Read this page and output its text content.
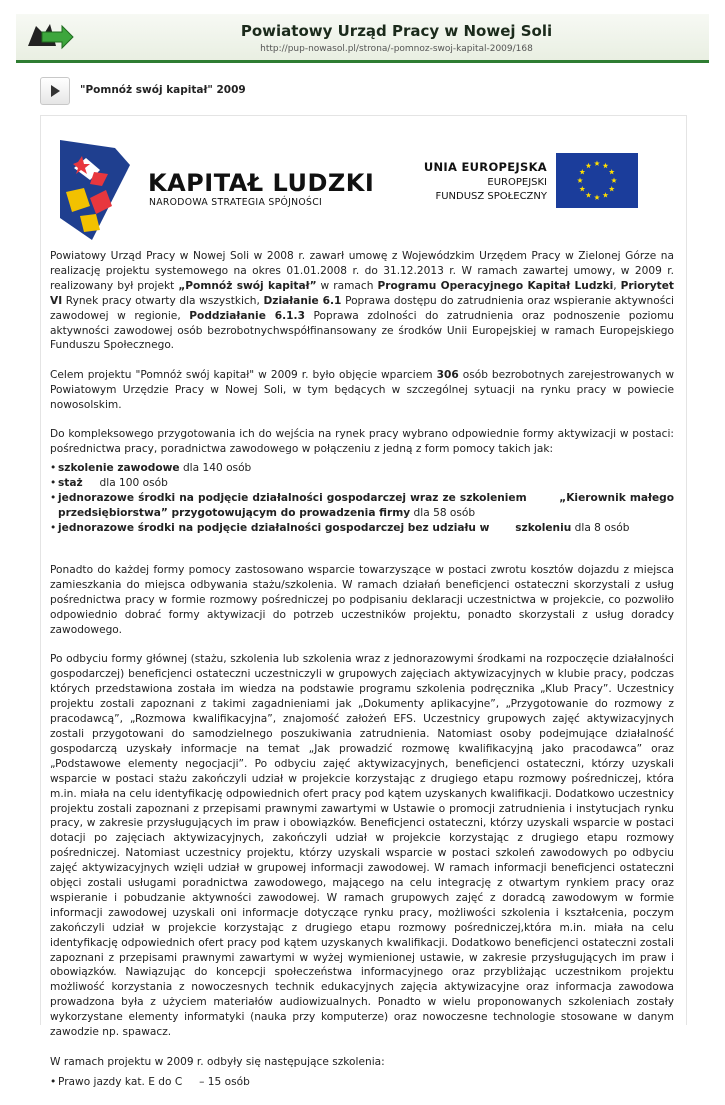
Powiatowy Urząd Pracy w Nowej Soli
http://pup-nowasol.pl/strona/-pomnoz-swoj-kapital-2009/168
"Pomnóż swój kapitał" 2009
KAPITAŁ LUDZKI
NARODOWA STRATEGIA SPÓJNOŚCI
UNIA EUROPEJSKA
EUROPEJSKI
FUNDUSZ SPOŁECZNY

Powiatowy Urząd Pracy w Nowej Soli w 2008 r. zawarł umowę z Wojewódzkim Urzędem Pracy w Zielonej Górze na realizację projektu systemowego na okres 01.01.2008 r. do 31.12.2013 r. W ramach zawartej umowy, w 2009 r. realizowany był projekt „Pomnóż swój kapitał” w ramach Programu Operacyjnego Kapitał Ludzki, Priorytet VI Rynek pracy otwarty dla wszystkich, Działanie 6.1 Poprawa dostępu do zatrudnienia oraz wspieranie aktywności zawodowej w regionie, Poddziałanie 6.1.3 Poprawa zdolności do zatrudnienia oraz podnoszenie poziomu aktywności zawodowej osób bezrobotnychwspółfinansowany ze środków Unii Europejskiej w ramach Europejskiego Funduszu Społecznego.

Celem projektu "Pomnóż swój kapitał" w 2009 r. było objęcie wparciem 306 osób bezrobotnych zarejestrowanych w Powiatowym Urzędzie Pracy w Nowej Soli, w tym będących w szczególnej sytuacji na rynku pracy w powiecie nowosolskim.

Do kompleksowego przygotowania ich do wejścia na rynek pracy wybrano odpowiednie formy aktywizacji w postaci: pośrednictwa pracy, poradnictwa zawodowego w połączeniu z jedną z form pomocy takich jak:

• szkolenie zawodowe dla 140 osób
• staż     dla 100 osób
• jednorazowe środki na podjęcie działalności gospodarczej wraz ze szkoleniem        „Kierownik małego przedsiębiorstwa” przygotowującym do prowadzenia firmy dla 58 osób
• jednorazowe środki na podjęcie działalności gospodarczej bez udziału w       szkoleniu dla 8 osób

Ponadto do każdej formy pomocy zastosowano wsparcie towarzyszące w postaci zwrotu kosztów dojazdu z miejsca zamieszkania do miejsca odbywania stażu/szkolenia. W ramach działań beneficjenci ostateczni skorzystali z usług pośrednictwa pracy w formie rozmowy pośredniczej po podpisaniu deklaracji uczestnictwa w projekcie, co pozwoliło odpowiednio dobrać formy aktywizacji do potrzeb uczestników projektu, ponadto skorzystali z usług doradcy zawodowego.

Po odbyciu formy głównej (stażu, szkolenia lub szkolenia wraz z jednorazowymi środkami na rozpoczęcie działalności gospodarczej) beneficjenci ostateczni uczestniczyli w grupowych zajęciach aktywizacyjnych w klubie pracy, podczas których przedstawiona została im wiedza na podstawie programu szkolenia podręcznika „Klub Pracy”. Uczestnicy projektu zostali zapoznani z takimi zagadnieniami jak „Dokumenty aplikacyjne”, „Przygotowanie do rozmowy z pracodawcą”, „Rozmowa kwalifikacyjna”, znajomość założeń EFS. Uczestnicy grupowych zajęć aktywizacyjnych zostali przygotowani do samodzielnego poszukiwania zatrudnienia. Natomiast osoby podejmujące działalność gospodarczą uzyskały informacje na temat „Jak prowadzić rozmowę kwalifikacyjną jako pracodawca” oraz „Podstawowe elementy negocjacji”. Po odbyciu zajęć aktywizacyjnych, beneficjenci ostateczni, którzy uzyskali wsparcie w postaci stażu zakończyli udział w projekcie korzystając z drugiego etapu rozmowy pośredniczej, która m.in. miała na celu identyfikację odpowiednich ofert pracy pod kątem uzyskanych kwalifikacji. Dodatkowo uczestnicy projektu zostali zapoznani z przepisami prawnymi zawartymi w Ustawie o promocji zatrudnienia i instytucjach rynku pracy, w zakresie przysługujących im praw i obowiązków. Beneficjenci ostateczni, którzy uzyskali wsparcie w postaci dotacji po zajęciach aktywizacyjnych, zakończyli udział w projekcie korzystając z drugiego etapu rozmowy pośredniczej. Natomiast uczestnicy projektu, którzy uzyskali wsparcie w postaci szkoleń zawodowych po odbyciu zajęć aktywizacyjnych wzięli udział w grupowej informacji zawodowej. W ramach informacji beneficjenci ostateczni objęci zostali usługami poradnictwa zawodowego, mającego na celu integrację z otwartym rynkiem pracy oraz wspieranie i pobudzanie aktywności zawodowej. W ramach grupowych zajęć z doradcą zawodowym w formie informacji zawodowej uzyskali oni informacje dotyczące rynku pracy, możliwości szkolenia i kształcenia, poczym zakończyli udział w projekcie korzystając z drugiego etapu rozmowy pośredniczej,która m.in. miała na celu identyfikację odpowiednich ofert pracy pod kątem uzyskanych kwalifikacji. Dodatkowo beneficjenci ostateczni zostali zapoznani z przepisami prawnymi zawartymi w wyżej wymienionej ustawie, w zakresie przysługujących im praw i obowiązków. Nawiązując do koncepcji społeczeństwa informacyjnego oraz przybliżając uczestnikom projektu możliwość korzystania z nowoczesnych technik edukacyjnych zajęcia aktywizacyjne oraz informacja zawodowa prowadzona była z użyciem materiałów audiowizualnych. Ponadto w wielu proponowanych szkoleniach zostały wykorzystane elementy informatyki (nauka przy komputerze) oraz nowoczesne technologie stosowane w danym zawodzie np. spawacz.

W ramach projektu w 2009 r. odbyły się następujące szkolenia:

• Prawo jazdy kat. E do C     – 15 osób
